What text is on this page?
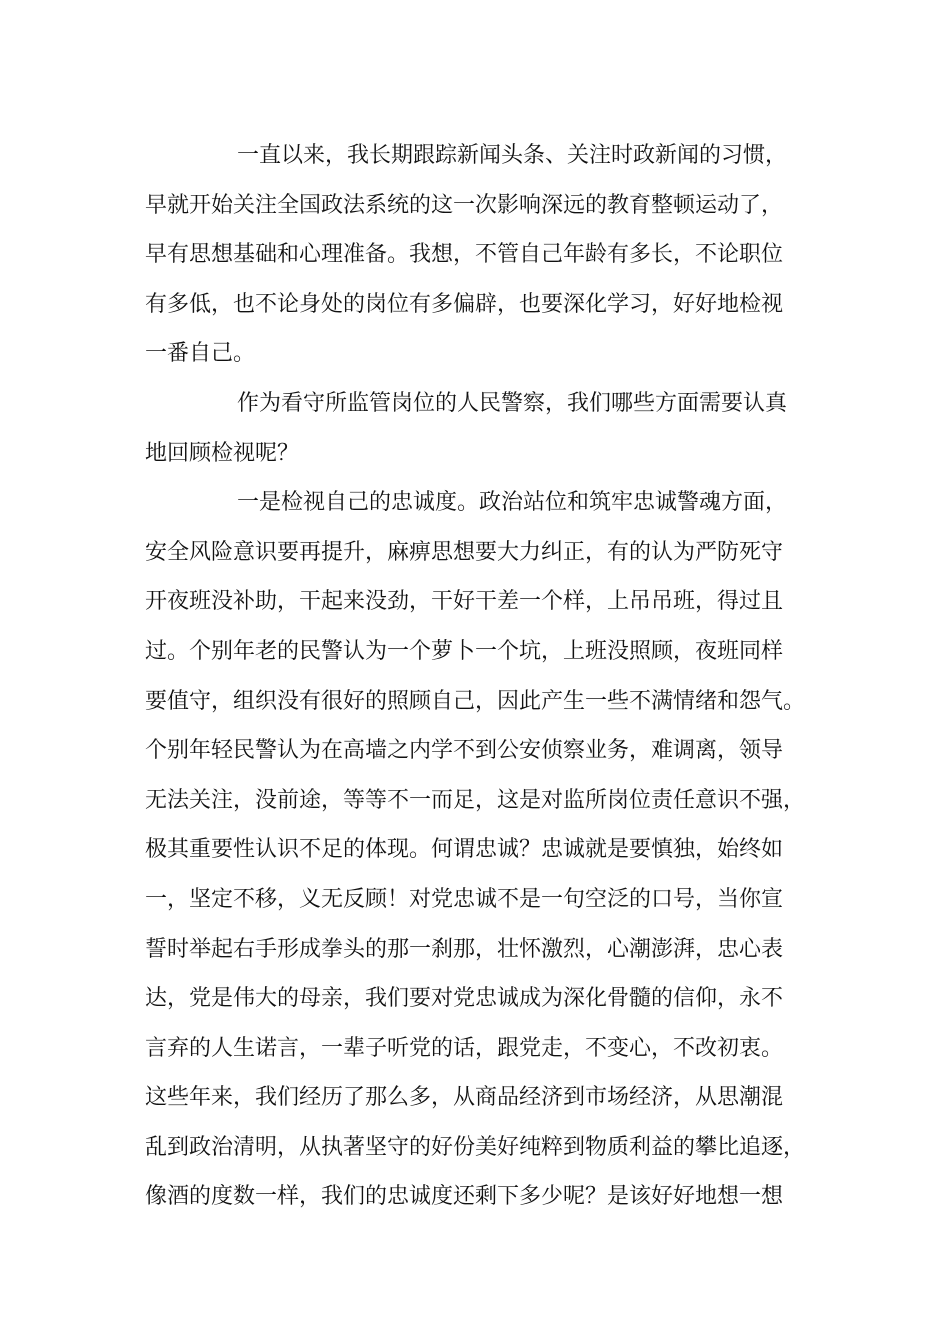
一直以来，我长期跟踪新闻头条、关注时政新闻的习惯，
早就开始关注全国政法系统的这一次影响深远的教育整顿运动了，
早有思想基础和心理准备。我想，不管自己年龄有多长，不论职位
有多低，也不论身处的岗位有多偏辟，也要深化学习，好好地检视
一番自己。
作为看守所监管岗位的人民警察，我们哪些方面需要认真
地回顾检视呢？
一是检视自己的忠诚度。政治站位和筑牢忠诚警魂方面，
安全风险意识要再提升，麻痹思想要大力纠正，有的认为严防死守
开夜班没补助，干起来没劲，干好干差一个样，上吊吊班，得过且
过。个别年老的民警认为一个萝卜一个坑，上班没照顾，夜班同样
要值守，组织没有很好的照顾自己，因此产生一些不满情绪和怨气。
个别年轻民警认为在高墙之内学不到公安侦察业务，难调离，领导
无法关注，没前途，等等不一而足，这是对监所岗位责任意识不强，
极其重要性认识不足的体现。何谓忠诚？忠诚就是要慎独，始终如
一，坚定不移，义无反顾！对党忠诚不是一句空泛的口号，当你宣
誓时举起右手形成拳头的那一刹那，壮怀激烈，心潮澎湃，忠心表
达，党是伟大的母亲，我们要对党忠诚成为深化骨髓的信仰，永不
言弃的人生诺言，一辈子听党的话，跟党走，不变心，不改初衷。
这些年来，我们经历了那么多，从商品经济到市场经济，从思潮混
乱到政治清明，从执著坚守的好份美好纯粹到物质利益的攀比追逐，
像酒的度数一样，我们的忠诚度还剩下多少呢？是该好好地想一想
